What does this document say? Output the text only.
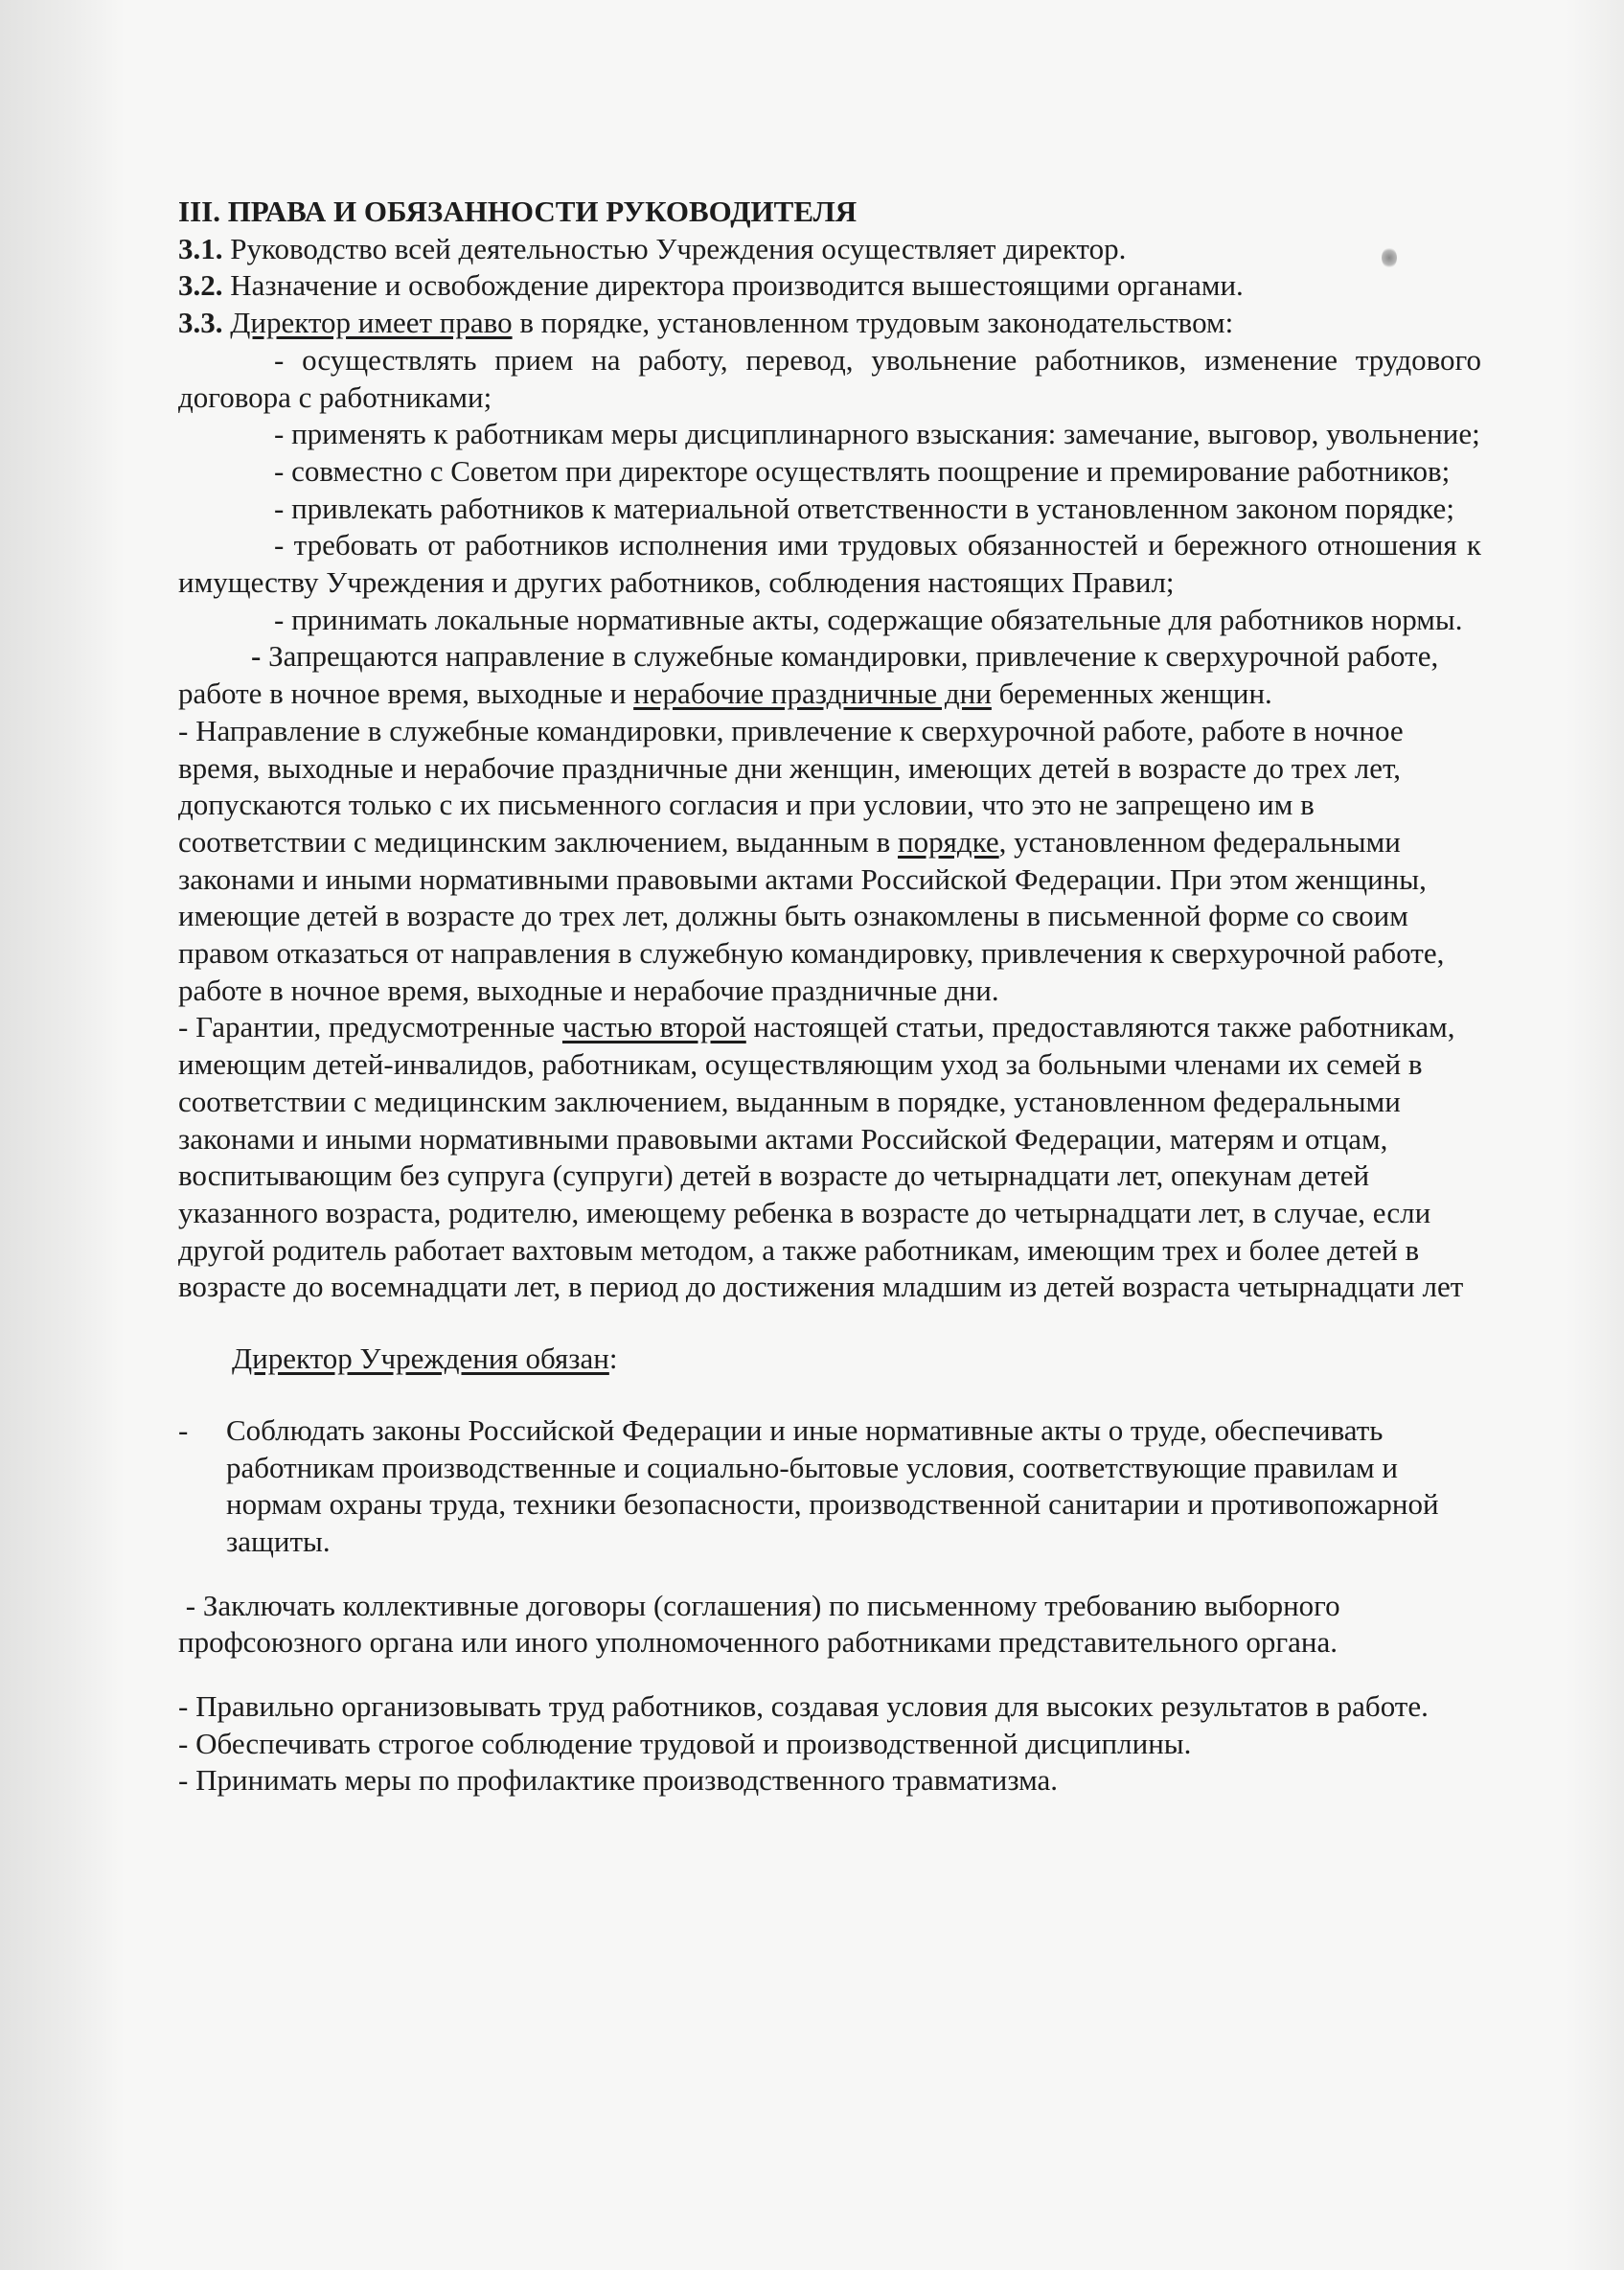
III. ПРАВА И ОБЯЗАННОСТИ РУКОВОДИТЕЛЯ

3.1. Руководство всей деятельностью Учреждения осуществляет директор.

3.2. Назначение и освобождение директора производится вышестоящими органами.

3.3. Директор имеет право в порядке, установленном трудовым законодательством:

- осуществлять прием на работу, перевод, увольнение работников, изменение трудового договора с работниками;

- применять к работникам меры дисциплинарного взыскания: замечание, выговор, увольнение;

- совместно с Советом при директоре осуществлять поощрение и премирование работников;

- привлекать работников к материальной ответственности в установленном законом порядке;

- требовать от работников исполнения ими трудовых обязанностей и бережного отношения к имуществу Учреждения и других работников, соблюдения настоящих Правил;

- принимать локальные нормативные акты, содержащие обязательные для работников нормы.

- Запрещаются направление в служебные командировки, привлечение к сверхурочной работе, работе в ночное время, выходные и нерабочие праздничные дни беременных женщин.

- Направление в служебные командировки, привлечение к сверхурочной работе, работе в ночное время, выходные и нерабочие праздничные дни женщин, имеющих детей в возрасте до трех лет, допускаются только с их письменного согласия и при условии, что это не запрещено им в соответствии с медицинским заключением, выданным в порядке, установленном федеральными законами и иными нормативными правовыми актами Российской Федерации. При этом женщины, имеющие детей в возрасте до трех лет, должны быть ознакомлены в письменной форме со своим правом отказаться от направления в служебную командировку, привлечения к сверхурочной работе, работе в ночное время, выходные и нерабочие праздничные дни.

- Гарантии, предусмотренные частью второй настоящей статьи, предоставляются также работникам, имеющим детей-инвалидов, работникам, осуществляющим уход за больными членами их семей в соответствии с медицинским заключением, выданным в порядке, установленном федеральными законами и иными нормативными правовыми актами Российской Федерации, матерям и отцам, воспитывающим без супруга (супруги) детей в возрасте до четырнадцати лет, опекунам детей указанного возраста, родителю, имеющему ребенка в возрасте до четырнадцати лет, в случае, если другой родитель работает вахтовым методом, а также работникам, имеющим трех и более детей в возрасте до восемнадцати лет, в период до достижения младшим из детей возраста четырнадцати лет

Директор Учреждения обязан:

-	Соблюдать законы Российской Федерации и иные нормативные акты о труде, обеспечивать работникам производственные и социально-бытовые условия, соответствующие правилам и нормам охраны труда, техники безопасности, производственной санитарии и противопожарной защиты.

- Заключать коллективные договоры (соглашения) по письменному требованию выборного профсоюзного органа или иного уполномоченного работниками представительного органа.

- Правильно организовывать труд работников, создавая условия для высоких результатов в работе.

- Обеспечивать строгое соблюдение трудовой и производственной дисциплины.

- Принимать меры по профилактике производственного травматизма.
